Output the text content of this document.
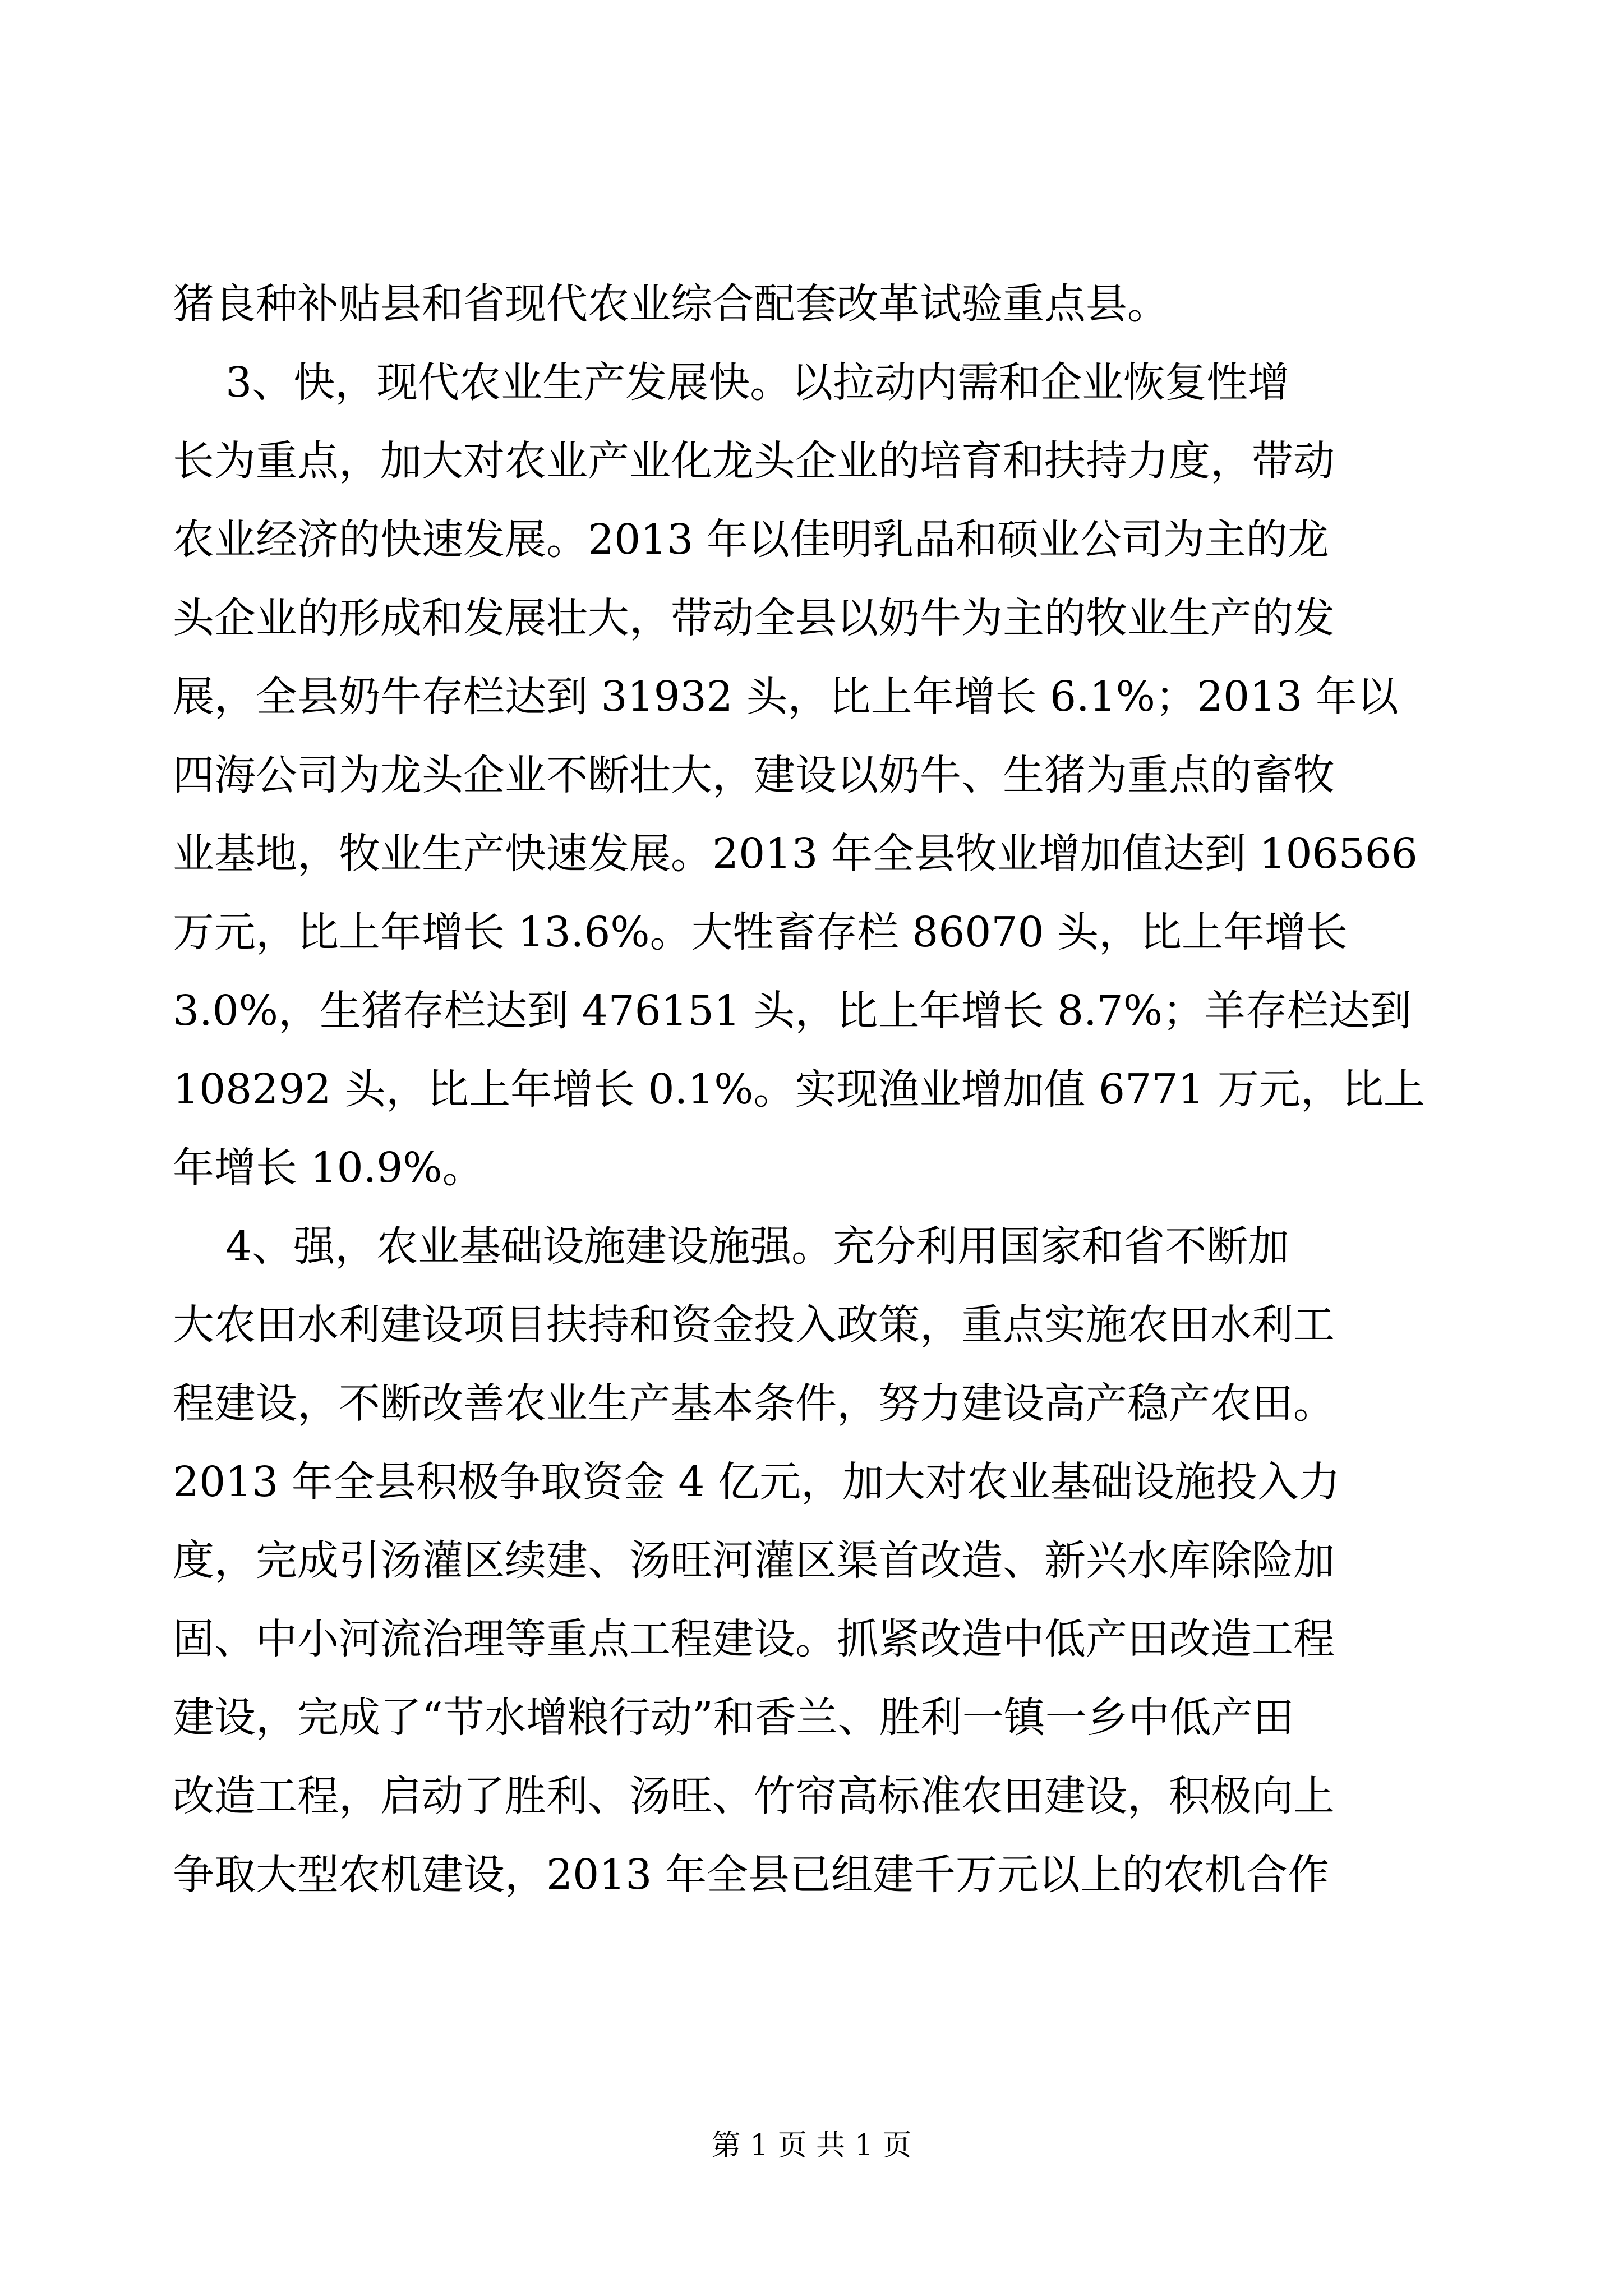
猪良种补贴县和省现代农业综合配套改革试验重点县。
3、快，现代农业生产发展快。以拉动内需和企业恢复性增
长为重点，加大对农业产业化龙头企业的培育和扶持力度，带动
农业经济的快速发展。2013 年以佳明乳品和硕业公司为主的龙
头企业的形成和发展壮大，带动全县以奶牛为主的牧业生产的发
展，全县奶牛存栏达到 31932 头，比上年增长 6.1%；2013 年以
四海公司为龙头企业不断壮大，建设以奶牛、生猪为重点的畜牧
业基地，牧业生产快速发展。2013 年全县牧业增加值达到 106566
万元，比上年增长 13.6%。大牲畜存栏 86070 头，比上年增长
3.0%，生猪存栏达到 476151 头，比上年增长 8.7%；羊存栏达到
108292 头，比上年增长 0.1%。实现渔业增加值 6771 万元，比上
年增长 10.9%。
4、强，农业基础设施建设施强。充分利用国家和省不断加
大农田水利建设项目扶持和资金投入政策，重点实施农田水利工
程建设，不断改善农业生产基本条件，努力建设高产稳产农田。
2013 年全县积极争取资金 4 亿元，加大对农业基础设施投入力
度，完成引汤灌区续建、汤旺河灌区渠首改造、新兴水库除险加
固、中小河流治理等重点工程建设。抓紧改造中低产田改造工程
建设，完成了“节水增粮行动”和香兰、胜利一镇一乡中低产田
改造工程，启动了胜利、汤旺、竹帘高标准农田建设，积极向上
争取大型农机建设，2013 年全县已组建千万元以上的农机合作
第 1 页 共 1 页
